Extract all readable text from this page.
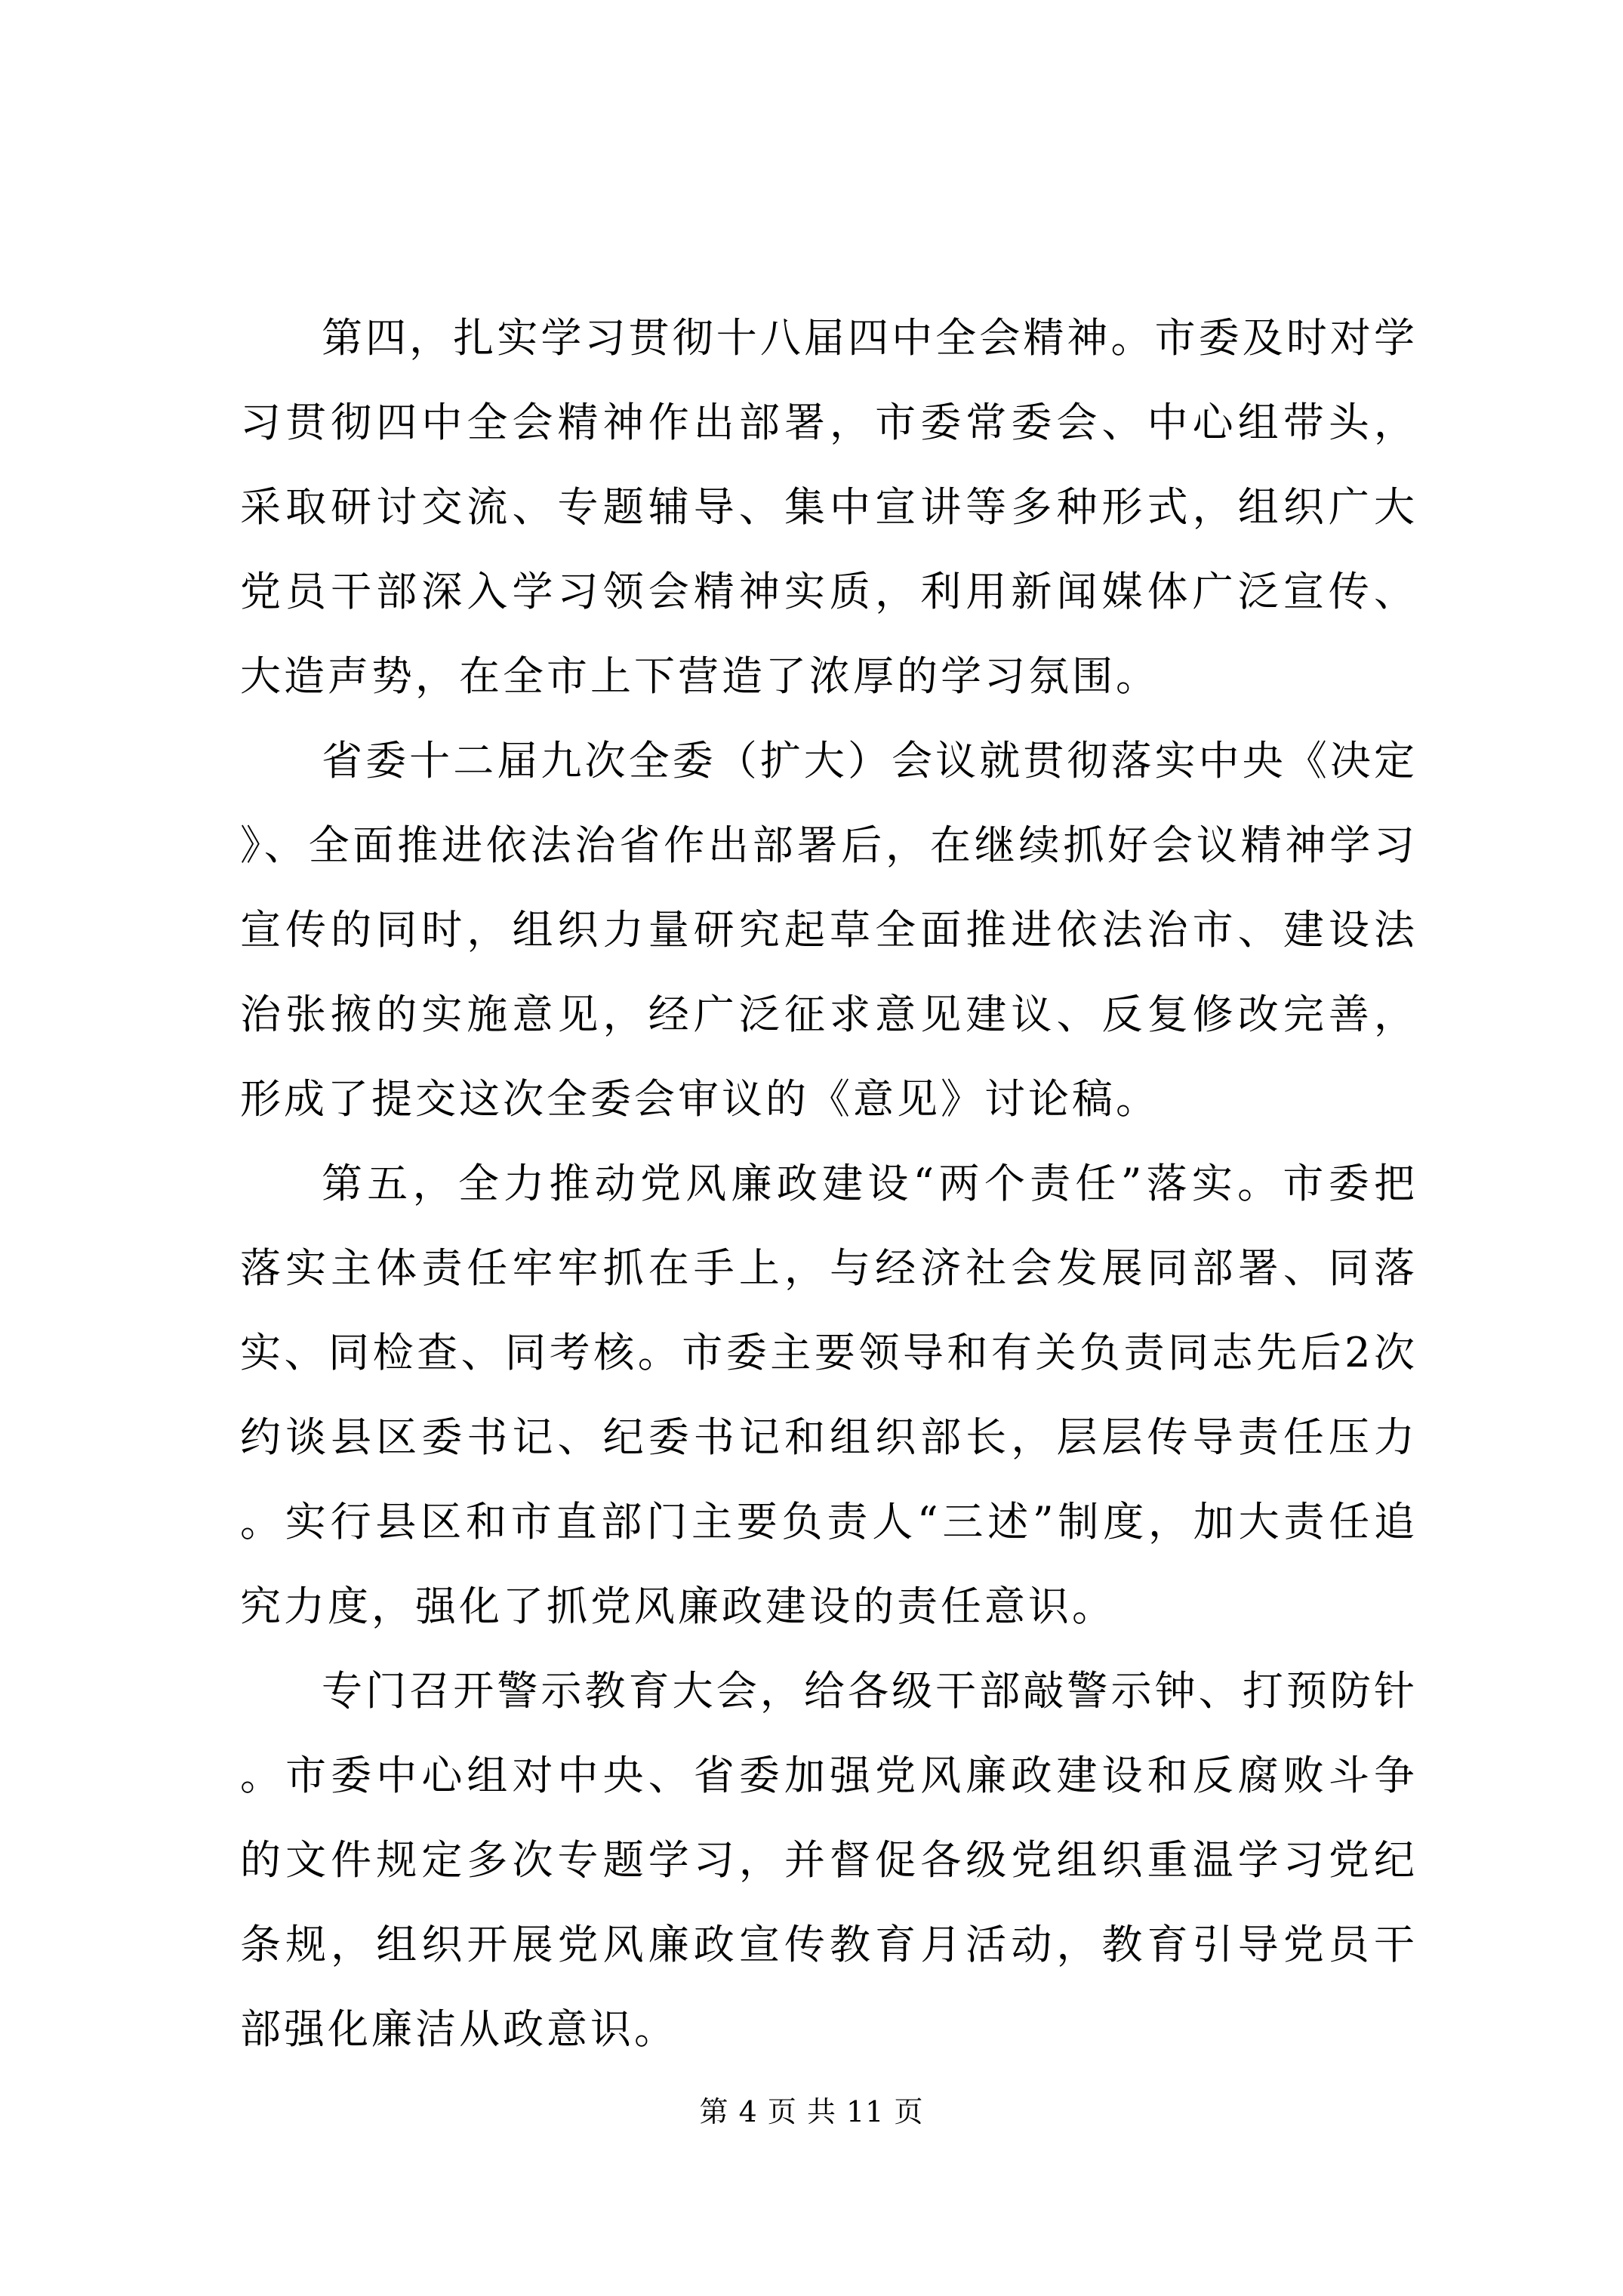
第四，扎实学习贯彻十八届四中全会精神。市委及时对学习贯彻四中全会精神作出部署，市委常委会、中心组带头，采取研讨交流、专题辅导、集中宣讲等多种形式，组织广大党员干部深入学习领会精神实质，利用新闻媒体广泛宣传、大造声势，在全市上下营造了浓厚的学习氛围。

省委十二届九次全委（扩大）会议就贯彻落实中央《决定》、全面推进依法治省作出部署后，在继续抓好会议精神学习宣传的同时，组织力量研究起草全面推进依法治市、建设法治张掖的实施意见，经广泛征求意见建议、反复修改完善，形成了提交这次全委会审议的《意见》讨论稿。

第五，全力推动党风廉政建设“两个责任”落实。市委把落实主体责任牢牢抓在手上，与经济社会发展同部署、同落实、同检查、同考核。市委主要领导和有关负责同志先后2次约谈县区委书记、纪委书记和组织部长，层层传导责任压力。实行县区和市直部门主要负责人“三述”制度，加大责任追究力度，强化了抓党风廉政建设的责任意识。

专门召开警示教育大会，给各级干部敲警示钟、打预防针。市委中心组对中央、省委加强党风廉政建设和反腐败斗争的文件规定多次专题学习，并督促各级党组织重温学习党纪条规，组织开展党风廉政宣传教育月活动，教育引导党员干部强化廉洁从政意识。

第 4 页 共 11 页
